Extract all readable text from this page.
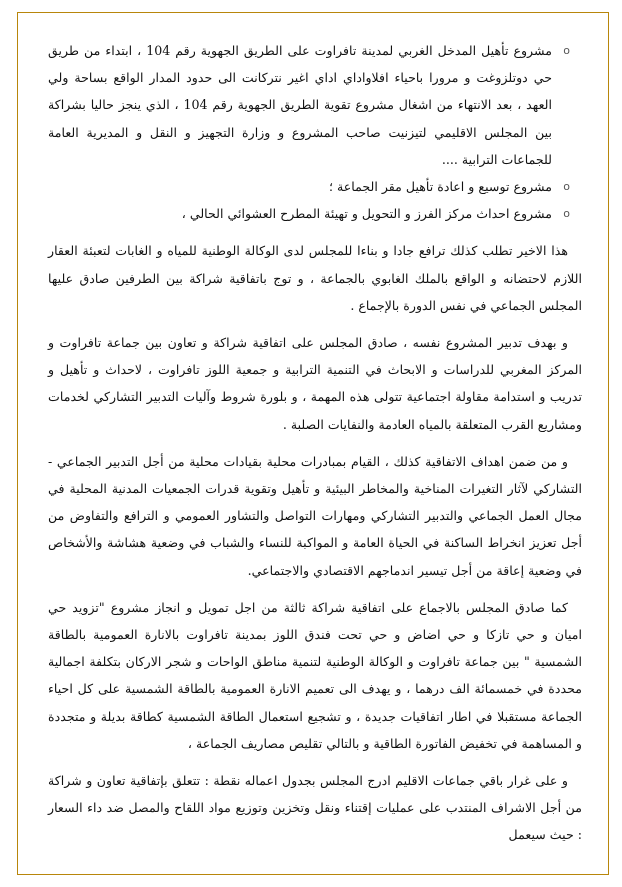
o
مشروع تأهيل المدخل الغربي لمدينة تافراوت على الطريق الجهوية رقم 104 ، ابتداء من طريق حي دوتلزوغت و مرورا باحياء افلاواداي اداي اغير نتركانت الى حدود المدار الواقع بساحة ولي العهد ، بعد الانتهاء من اشغال مشروع تقوية الطريق الجهوية رقم 104 ، الذي ينجز حاليا بشراكة بين المجلس الاقليمي لتيزنيت صاحب المشروع و وزارة التجهيز و النقل و المديرية العامة للجماعات الترابية ....
o
مشروع توسيع و اعادة تأهيل مقر الجماعة ؛
o
مشروع احداث مركز الفرز و التحويل و تهيئة المطرح العشوائي الحالي ،

هذا الاخير تطلب كذلك ترافع جادا و بناءا للمجلس لدى الوكالة الوطنية للمياه و الغابات لتعبئة العقار اللازم لاحتضانه و الواقع بالملك الغابوي بالجماعة ، و توج باتفاقية شراكة بين الطرفين صادق عليها المجلس الجماعي في نفس الدورة بالإجماع .

و بهدف تدبير المشروع نفسه ، صادق المجلس على اتفاقية شراكة و تعاون بين جماعة تافراوت و المركز المغربي للدراسات و الابحاث في التنمية الترابية و جمعية اللوز تافراوت ، لاحداث و تأهيل و تدريب و استدامة مقاولة اجتماعية تتولى هذه المهمة ، و بلورة شروط وآليات التدبير التشاركي لخدمات ومشاريع القرب المتعلقة بالمياه العادمة والنفايات الصلبة .

و من ضمن اهداف الاتفاقية كذلك ، القيام بمبادرات محلية بقيادات محلية من أجل التدبير الجماعي - التشاركي لآثار التغيرات المناخية والمخاطر البيئية و تأهيل وتقوية قدرات الجمعيات المدنية المحلية في مجال العمل الجماعي والتدبير التشاركي ومهارات التواصل والتشاور العمومي و الترافع والتفاوض من أجل تعزيز انخراط الساكنة في الحياة العامة و المواكبة للنساء والشباب في وضعية هشاشة والأشخاص في وضعية إعاقة من أجل تيسير اندماجهم الاقتصادي والاجتماعي.

كما صادق المجلس بالاجماع على اتفاقية شراكة ثالثة من اجل تمويل و انجاز مشروع "تزويد حي اميان و حي تازكا و حي اضاض و حي تحت فندق اللوز بمدينة تافراوت بالانارة العمومية بالطاقة الشمسية " بين جماعة تافراوت و الوكالة الوطنية لتنمية مناطق الواحات و شجر الاركان بتكلفة اجمالية محددة في خمسمائة الف درهما ، و يهدف الى تعميم الانارة العمومية بالطاقة الشمسية على كل احياء الجماعة مستقبلا في اطار اتفاقيات جديدة ، و تشجيع استعمال الطاقة الشمسية كطاقة بديلة و متجددة و المساهمة في تخفيض الفاتورة الطاقية و بالتالي تقليص مصاريف الجماعة ،

و على غرار باقي جماعات الاقليم ادرج المجلس بجدول اعماله نقطة : تتعلق بإتفاقية تعاون و شراكة من أجل الاشراف المنتدب على عمليات إقتناء ونقل وتخزين وتوزيع مواد اللقاح والمصل ضد داء السعار : حيث سيعمل
